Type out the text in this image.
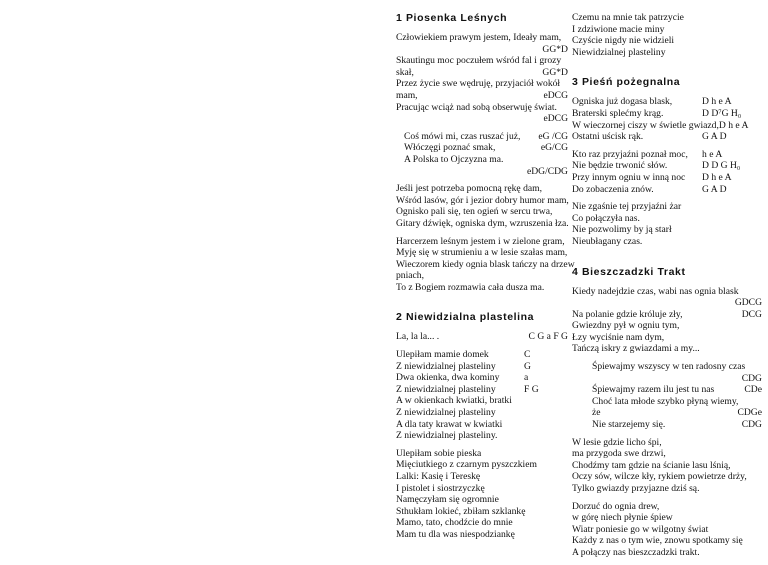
1 Piosenka Leśnych
Człowiekiem prawym jestem, Ideały mam,
GG*D
Skautingu moc poczułem wśród fal i grozy
skał,	GG*D
Przez życie swe wędruję, przyjaciół wokół
mam,	eDCG
Pracując wciąż nad sobą obserwuję świat.
eDCG
Coś mówi mi, czas ruszać już,	eG /CG
Włóczęgi poznać smak,	eG/CG
A Polska to Ojczyzna ma.
eDG/CDG
Jeśli jest potrzeba pomocną rękę dam,
Wśród lasów, gór i jezior dobry humor mam,
Ognisko pali się, ten ogień w sercu trwa,
Gitary dźwięk, ogniska dym, wzruszenia łza.
Harcerzem leśnym jestem i w zielone gram,
Myję się w strumieniu a w lesie szałas mam,
Wieczorem kiedy ognia blask tańczy na drzew
pniach,
To z Bogiem rozmawia cała dusza ma.
2 Niewidzialna plastelina
La, la la... .	C G a F G
Ulepiłam mamie domek	C
Z niewidzialnej plasteliny	G
Dwa okienka, dwa kominy	a
Z niewidzialnej plasteliny	F G
A w okienkach kwiatki, bratki
Z niewidzialnej plasteliny
A dla taty krawat w kwiatki
Z niewidzialnej plasteliny.
Ulepiłam sobie pieska
Mięciutkiego z czarnym pyszczkiem
Lalki: Kasię i Tereskę
I pistolet i siostrzyczkę
Namęczyłam się ogromnie
Sthukłam lokieć, zbiłam szklankę
Mamo, tato, chodźcie do mnie
Mam tu dla was niespodziankę
Czemu na mnie tak patrzycie
I zdziwione macie miny
Czyście nigdy nie widzieli
Niewidzialnej plasteliny
3 Pieśń pożegnalna
Ogniska już dogasa blask,	D h e A
Braterski splećmy krąg.	D D⁷G H₀
W wieczornej ciszy w świetle gwiazd, D h e A
Ostatni uścisk rąk.	G A D
Kto raz przyjaźni poznał moc,	h e A
Nie będzie trwonić słów.	D D G H₀
Przy innym ogniu w inną noc	D h e A
Do zobaczenia znów.	G A D
Nie zgaśnie tej przyjaźni żar
Co połączyła nas.
Nie pozwolimy by ją starł
Nieubłagany czas.
4 Bieszczadzki Trakt
Kiedy nadejdzie czas, wabi nas ognia blask
GDCG
Na polanie gdzie króluje zły,	DCG
Gwiezdny pył w ogniu tym,
Łzy wyciśnie nam dym,
Tańczą iskry z gwiazdami a my...
Śpiewajmy wszyscy w ten radosny czas
CDG
Śpiewajmy razem ilu jest tu nas	CDe
Choć lata młode szybko płyną wiemy,
że	CDGe
Nie starzejemy się.	CDG
W lesie gdzie licho śpi,
ma przygoda swe drzwi,
Chodźmy tam gdzie na ścianie lasu lśnią,
Oczy sów, wilcze kły, rykiem powietrze drży,
Tylko gwiazdy przyjazne dziś są.
Dorzuć do ognia drew,
w górę niech płynie śpiew
Wiatr poniesie go w wilgotny świat
Każdy z nas o tym wie, znowu spotkamy się
A połączy nas bieszczadzki trakt.
